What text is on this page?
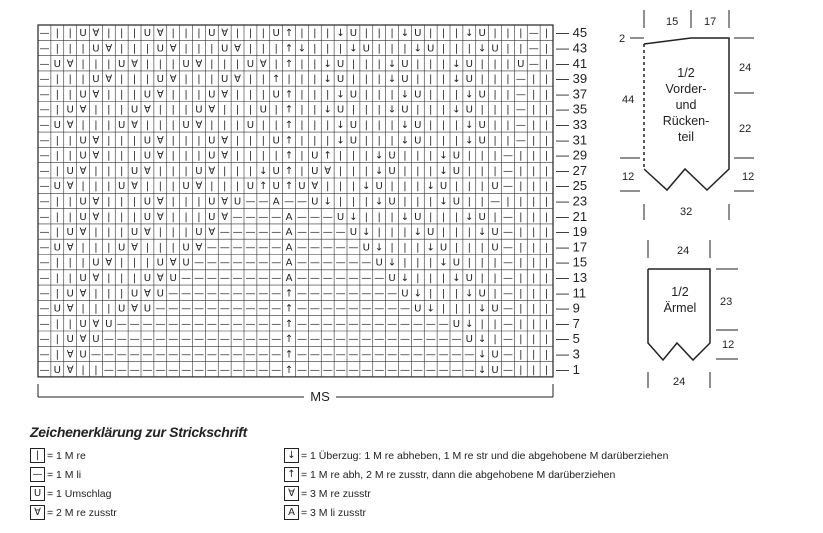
— | | U ∀ | | | U ∀ | | | U ∀ | | | U ↑ | | | ↓ U | | | ↓ U | | | ↓ U | | | — |
— | | | U ∀ | | | U ∀ | | | U ∀ | | | ↑ ↓ | | | ↓ U | | | ↓ U | | | ↓ U | | — |
— U ∀ | | | U ∀ | | | U ∀ | | | U ∀ | ↑ | | ↓ U | | | ↓ U | | | ↓ U | | | U — |
— | | | U ∀ | | | U ∀ | | | U ∀ | | ↑ | | | ↓ U | | | ↓ U | | | ↓ U | | | — | |
— | | U ∀ | | | U ∀ | | | U ∀ | | | U ↑ | | | ↓ U | | | ↓ U | | | ↓ U | | — | |
— | U ∀ | | | U ∀ | | | U ∀ | | | U | ↑ | | ↓ U | | | ↓ U | | | ↓ U | | | — | |
— U ∀ | | | U ∀ | | | U ∀ | | | U | | ↑ | | | ↓ U | | | ↓ U | | | ↓ U | | — | |
— | | U ∀ | | | U ∀ | | | U ∀ | | | U ↑ | | | ↓ U | | | ↓ U | | | ↓ U | | — | |
— | | U ∀ | | | U ∀ | | | U ∀ | | | | ↑ | U ↑ | | | ↓ U | | | ↓ U | | | — | | |
— | U ∀ | | | U ∀ | | | U ∀ | | | ↓ U ↑ | U ∀ | | | ↓ U | | | ↓ U | | | — | | |
— U ∀ | | | U ∀ | | | U ∀ | | | U ↑ U ↑ U ∀ | | | ↓ U | | | ↓ U | | | U — | | |
— | | U ∀ | | | U ∀ | | | U ∀ U — — A — — U ↓ | | | ↓ U | | | ↓ U | | — | | | |
— | | U ∀ | | | U ∀ | | | U ∀ — — — — A — — — U ↓ | | | ↓ U | | | ↓ U | — | | |
— | U ∀ | | | U ∀ | | | U ∀ — — — — — A — — — — U ↓ | | | ↓ U | | | ↓ U — | | |
— U ∀ | | | U ∀ | | | U ∀ — — — — — — A — — — — — U ↓ | | | ↓ U | | | U — | | |
— | | | U ∀ | | | U ∀ U — — — — — — — A — — — — — — U ↓ | | | ↓ U | | | — | | |
— | | U ∀ | | | U ∀ U — — — — — — — — A — — — — — — — U ↓ | | | ↓ U | | — | | |
— | U ∀ | | | U ∀ U — — — — — — — — — ↑ — — — — — — — — U ↓ | | | ↓ U | — | | |
— U ∀ | | | U ∀ U — — — — — — — — — — ↑ — — — — — — — — — U ↓ | | | ↓ U — | | |
— | | U ∀ U — — — — — — — — — — — — — ↑ — — — — — — — — — — — — U ↓ | | — | | |
— | U ∀ U — — — — — — — — — — — — — — ↑ — — — — — — — — — — — — — U ↓ | — | | |
— | ∀ U — — — — — — — — — — — — — — — ↑ — — — — — — — — — — — — — — ↓ U — | | |
— U ∀ | | — — — — — — — — — — — — — — ↑ — — — — — — — — — — — — — — ↓ U — | | |
— 45
— 43
— 41
— 39
— 37
— 35
— 33
— 31
— 29
— 27
— 25
— 23
— 21
— 19
— 17
— 15
— 13
— 11
— 9
— 7
— 5
— 3
— 1
MS
15 17
2
44
24
22
12	12
32
1/2
Vorder-
und
Rücken-
teil
24
23
12
24
1/2
Ärmel
Zeichenerklärung zur Strickschrift
| = 1 M re
— = 1 M li
U = 1 Umschlag
∀ = 2 M re zusstr
↓ = 1 Überzug: 1 M re abheben, 1 M re str und die abgehobene M darüberziehen
↑ = 1 M re abh, 2 M re zusstr, dann die abgehobene M darüberziehen
∀ = 3 M re zusstr
A = 3 M li zusstr
